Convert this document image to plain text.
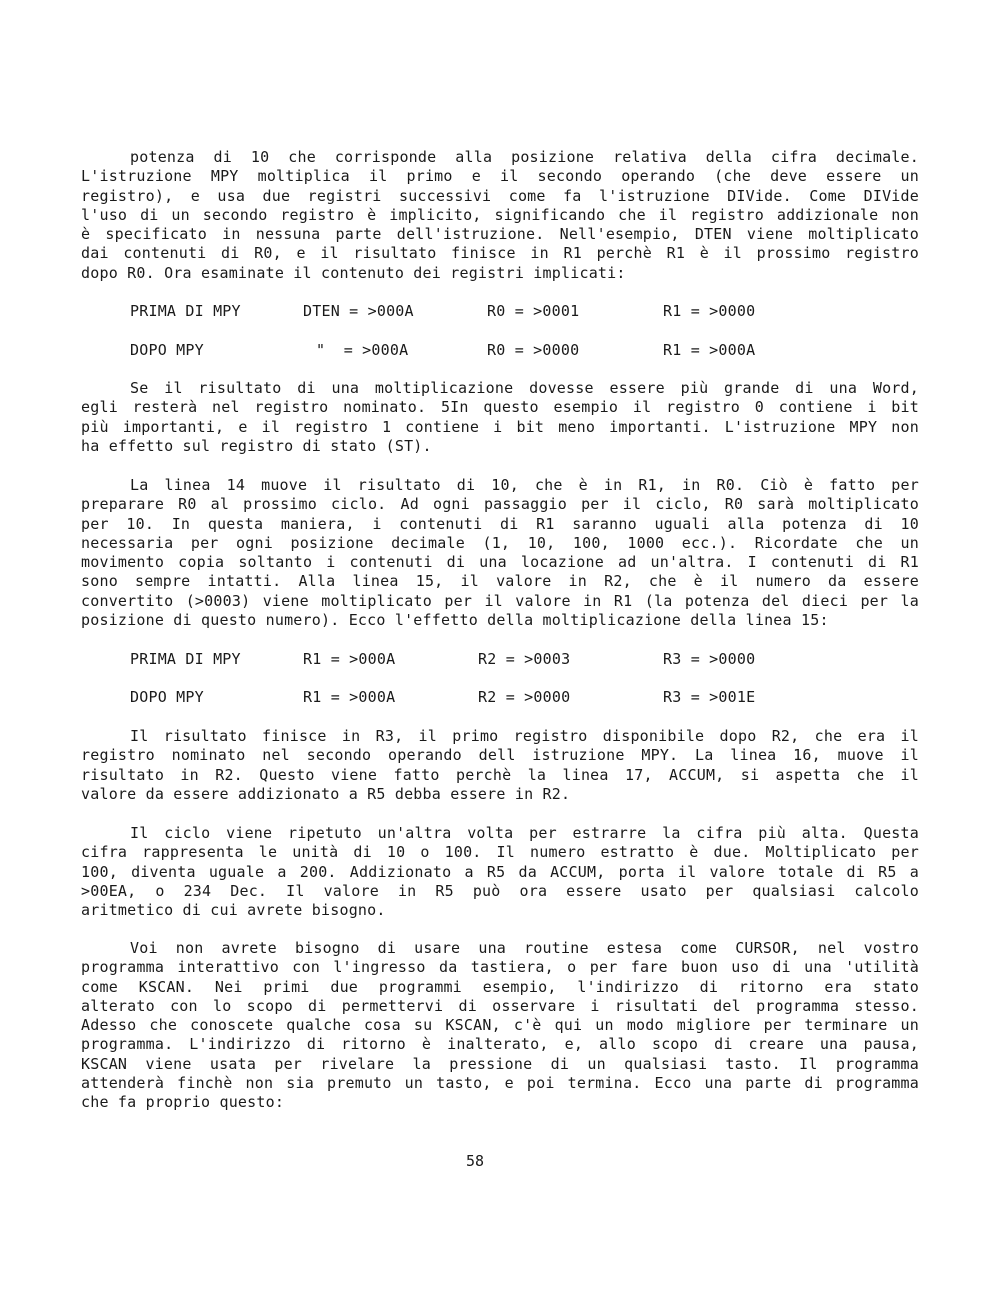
potenza di 10 che corrisponde alla posizione relativa della cifra decimale.
L'istruzione MPY moltiplica il primo e il secondo operando (che deve essere un
registro), e usa due registri successivi come fa l'istruzione DIVide. Come DIVide
l'uso di un secondo registro è implicito, significando che il registro addizionale non
è specificato in nessuna parte dell'istruzione. Nell'esempio, DTEN viene moltiplicato
dai contenuti di R0, e il risultato finisce in R1 perchè R1 è il prossimo registro
dopo R0. Ora esaminate il contenuto dei registri implicati:
PRIMA DI MPY	DTEN = >000A	R0 = >0001	R1 = >0000
DOPO MPY	"  = >000A	R0 = >0000	R1 = >000A
Se il risultato di una moltiplicazione dovesse essere più grande di una Word,
egli resterà nel registro nominato. 5In questo esempio il registro 0 contiene i bit
più importanti, e il registro 1 contiene i bit meno importanti. L'istruzione MPY non
ha effetto sul registro di stato (ST).
La linea 14 muove il risultato di 10, che è in R1, in R0. Ciò è fatto per
preparare R0 al prossimo ciclo. Ad ogni passaggio per il ciclo, R0 sarà moltiplicato
per 10. In questa maniera, i contenuti di R1 saranno uguali alla potenza di 10
necessaria per ogni posizione decimale (1, 10, 100, 1000 ecc.). Ricordate che un
movimento copia soltanto i contenuti di una locazione ad un'altra. I contenuti di R1
sono sempre intatti. Alla linea 15, il valore in R2, che è il numero da essere
convertito (>0003) viene moltiplicato per il valore in R1 (la potenza del dieci per la
posizione di questo numero). Ecco l'effetto della moltiplicazione della linea 15:
PRIMA DI MPY	R1 = >000A	R2 = >0003	R3 = >0000
DOPO MPY	R1 = >000A	R2 = >0000	R3 = >001E
Il risultato finisce in R3, il primo registro disponibile dopo R2, che era il
registro nominato nel secondo operando dell istruzione MPY. La linea 16, muove il
risultato in R2. Questo viene fatto perchè la linea 17, ACCUM, si aspetta che il
valore da essere addizionato a R5 debba essere in R2.
Il ciclo viene ripetuto un'altra volta per estrarre la cifra più alta. Questa
cifra rappresenta le unità di 10 o 100. Il numero estratto è due. Moltiplicato per
100, diventa uguale a 200. Addizionato a R5 da ACCUM, porta il valore totale di R5 a
>00EA, o 234 Dec. Il valore in R5 può ora essere usato per qualsiasi calcolo
aritmetico di cui avrete bisogno.
Voi non avrete bisogno di usare una routine estesa come CURSOR, nel vostro
programma interattivo con l'ingresso da tastiera, o per fare buon uso di una 'utilità
come KSCAN. Nei primi due programmi esempio, l'indirizzo di ritorno era stato
alterato con lo scopo di permettervi di osservare i risultati del programma stesso.
Adesso che conoscete qualche cosa su KSCAN, c'è qui un modo migliore per terminare un
programma. L'indirizzo di ritorno è inalterato, e, allo scopo di creare una pausa,
KSCAN viene usata per rivelare la pressione di un qualsiasi tasto. Il programma
attenderà finchè non sia premuto un tasto, e poi termina. Ecco una parte di programma
che fa proprio questo:
58
